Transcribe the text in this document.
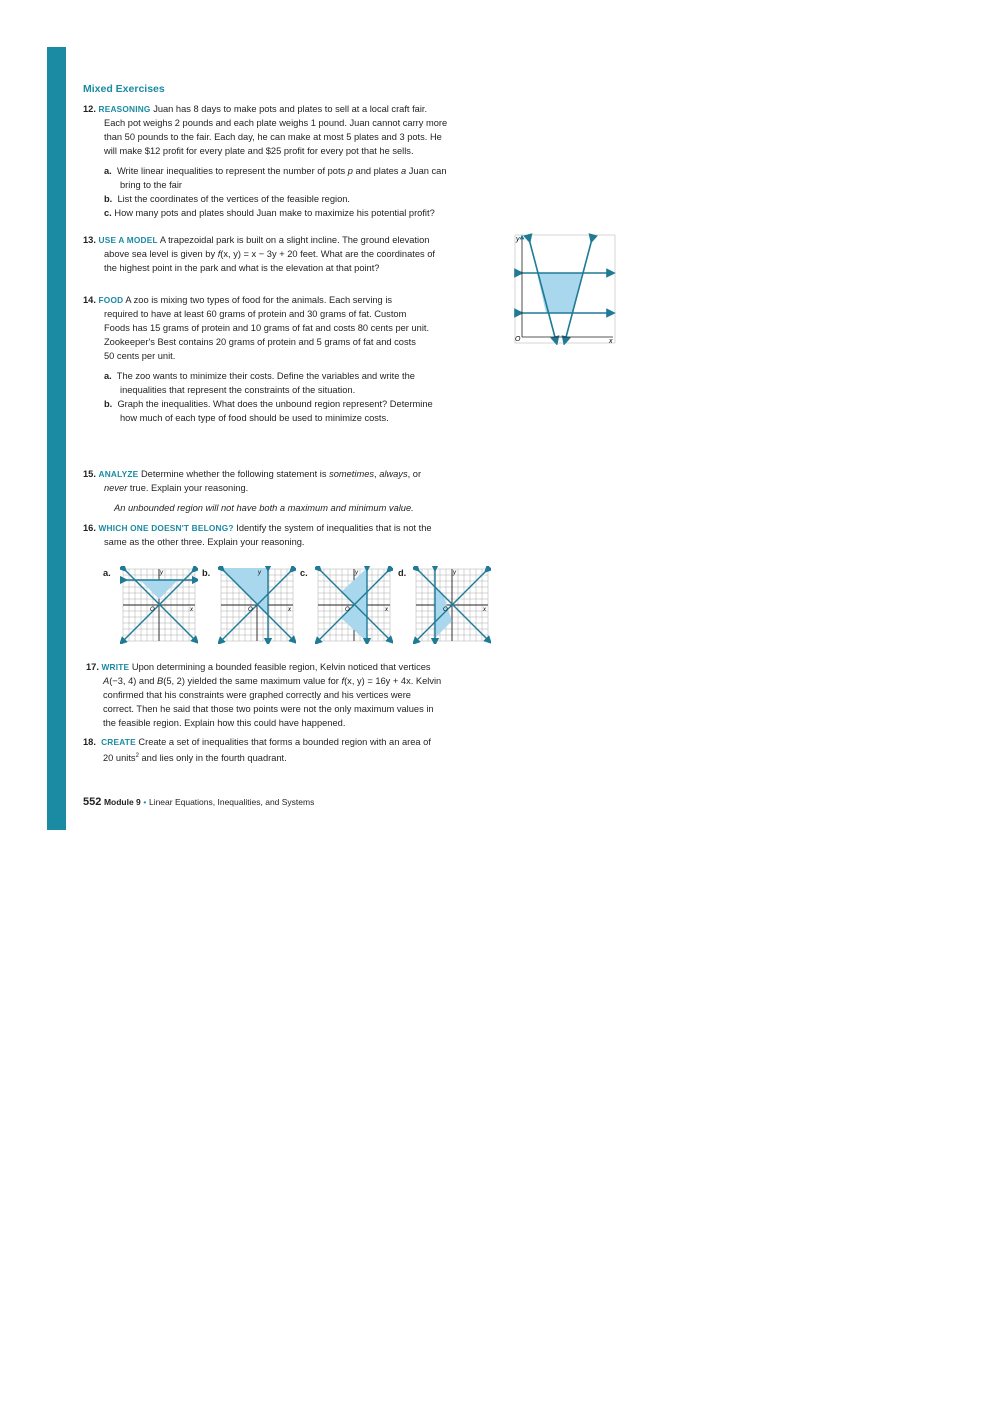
Mixed Exercises
12. REASONING Juan has 8 days to make pots and plates to sell at a local craft fair.
Each pot weighs 2 pounds and each plate weighs 1 pound. Juan cannot carry more
than 50 pounds to the fair. Each day, he can make at most 5 plates and 3 pots. He
will make $12 profit for every plate and $25 profit for every pot that he sells.
a. Write linear inequalities to represent the number of pots p and plates a Juan can
bring to the fair
b. List the coordinates of the vertices of the feasible region.
c. How many pots and plates should Juan make to maximize his potential profit?
13. USE A MODEL A trapezoidal park is built on a slight incline. The ground elevation
above sea level is given by f(x, y) = x − 3y + 20 feet. What are the coordinates of
the highest point in the park and what is the elevation at that point?
y
x
O
14. FOOD A zoo is mixing two types of food for the animals. Each serving is
required to have at least 60 grams of protein and 30 grams of fat. Custom
Foods has 15 grams of protein and 10 grams of fat and costs 80 cents per unit.
Zookeeper's Best contains 20 grams of protein and 5 grams of fat and costs
50 cents per unit.
a. The zoo wants to minimize their costs. Define the variables and write the
inequalities that represent the constraints of the situation.
b. Graph the inequalities. What does the unbound region represent? Determine
how much of each type of food should be used to minimize costs.
15. ANALYZE Determine whether the following statement is sometimes, always, or
never true. Explain your reasoning.
An unbounded region will not have both a maximum and minimum value.
16. WHICH ONE DOESN'T BELONG? Identify the system of inequalities that is not the
same as the other three. Explain your reasoning.
a.	y
x
O
b.	y
x
O
c.	y
x
O
d.	y
x
O
17. WRITE Upon determining a bounded feasible region, Kelvin noticed that vertices
A(−3, 4) and B(5, 2) yielded the same maximum value for f(x, y) = 16y + 4x. Kelvin
confirmed that his constraints were graphed correctly and his vertices were
correct. Then he said that those two points were not the only maximum values in
the feasible region. Explain how this could have happened.
18. CREATE Create a set of inequalities that forms a bounded region with an area of
20 units$^2$ and lies only in the fourth quadrant.
552 Module 9 • Linear Equations, Inequalities, and Systems
